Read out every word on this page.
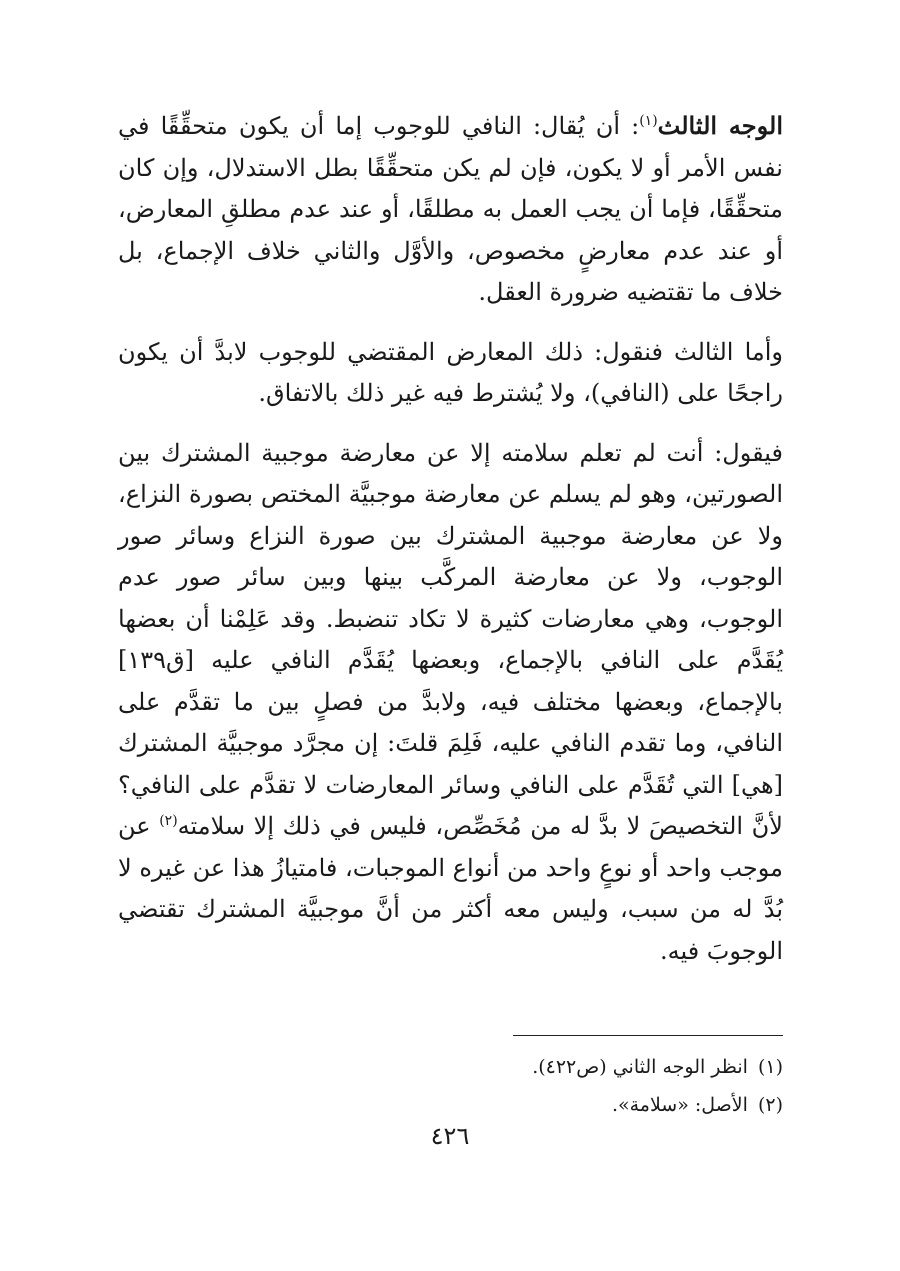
الوجه الثالث$^{(١)}$: أن يُقال: النافي للوجوب إما أن يكون متحقِّقًا في نفس الأمر أو لا يكون، فإن لم يكن متحقِّقًا بطل الاستدلال، وإن كان متحقِّقًا، فإما أن يجب العمل به مطلقًا، أو عند عدم مطلقِ المعارض، أو عند عدم معارضٍ مخصوص، والأوَّل والثاني خلاف الإجماع، بل خلاف ما تقتضيه ضرورة العقل.

وأما الثالث فنقول: ذلك المعارض المقتضي للوجوب لابدَّ أن يكون راجحًا على (النافي)، ولا يُشترط فيه غير ذلك بالاتفاق.

فيقول: أنت لم تعلم سلامته إلا عن معارضة موجبية المشترك بين الصورتين، وهو لم يسلم عن معارضة موجبيَّة المختص بصورة النزاع، ولا عن معارضة موجبية المشترك بين صورة النزاع وسائر صور الوجوب، ولا عن معارضة المركَّب بينها وبين سائر صور عدم الوجوب، وهي معارضات كثيرة لا تكاد تنضبط. وقد عَلِمْنا أن بعضها يُقَدَّم على النافي بالإجماع، وبعضها يُقَدَّم النافي عليه [ق١٣٩] بالإجماع، وبعضها مختلف فيه، ولابدَّ من فصلٍ بين ما تقدَّم على النافي، وما تقدم النافي عليه، فَلِمَ قلتَ: إن مجرَّد موجبيَّة المشترك [هي] التي تُقَدَّم على النافي وسائر المعارضات لا تقدَّم على النافي؟ لأنَّ التخصيصَ لا بدَّ له من مُخَصِّص، فليس في ذلك إلا سلامته$^{(٢)}$ عن موجب واحد أو نوعٍ واحد من أنواع الموجبات، فامتيازُ هذا عن غيره لا بُدَّ له من سبب، وليس معه أكثر من أنَّ موجبيَّة المشترك تقتضي الوجوبَ فيه.

(١)انظر الوجه الثاني (ص٤٢٢).

(٢)الأصل: «سلامة».

٤٢٦
